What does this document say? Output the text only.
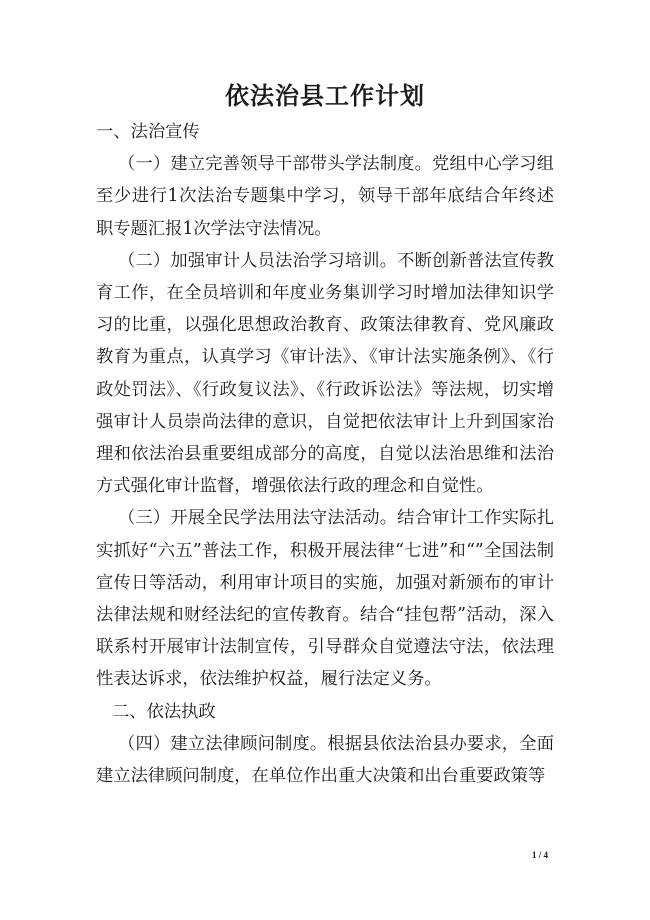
依法治县工作计划

一、法治宣传

（一）建立完善领导干部带头学法制度。党组中心学习组至少进行1次法治专题集中学习，领导干部年底结合年终述职专题汇报1次学法守法情况。

（二）加强审计人员法治学习培训。不断创新普法宣传教育工作，在全员培训和年度业务集训学习时增加法律知识学习的比重，以强化思想政治教育、政策法律教育、党风廉政教育为重点，认真学习《审计法》、《审计法实施条例》、《行政处罚法》、《行政复议法》、《行政诉讼法》等法规，切实增强审计人员崇尚法律的意识，自觉把依法审计上升到国家治理和依法治县重要组成部分的高度，自觉以法治思维和法治方式强化审计监督，增强依法行政的理念和自觉性。

（三）开展全民学法用法守法活动。结合审计工作实际扎实抓好“六五”普法工作，积极开展法律“七进”和“”全国法制宣传日等活动，利用审计项目的实施，加强对新颁布的审计法律法规和财经法纪的宣传教育。结合“挂包帮”活动，深入联系村开展审计法制宣传，引导群众自觉遵法守法，依法理性表达诉求，依法维护权益，履行法定义务。

二、依法执政

（四）建立法律顾问制度。根据县依法治县办要求，全面建立法律顾问制度，在单位作出重大决策和出台重要政策等

1 / 4
